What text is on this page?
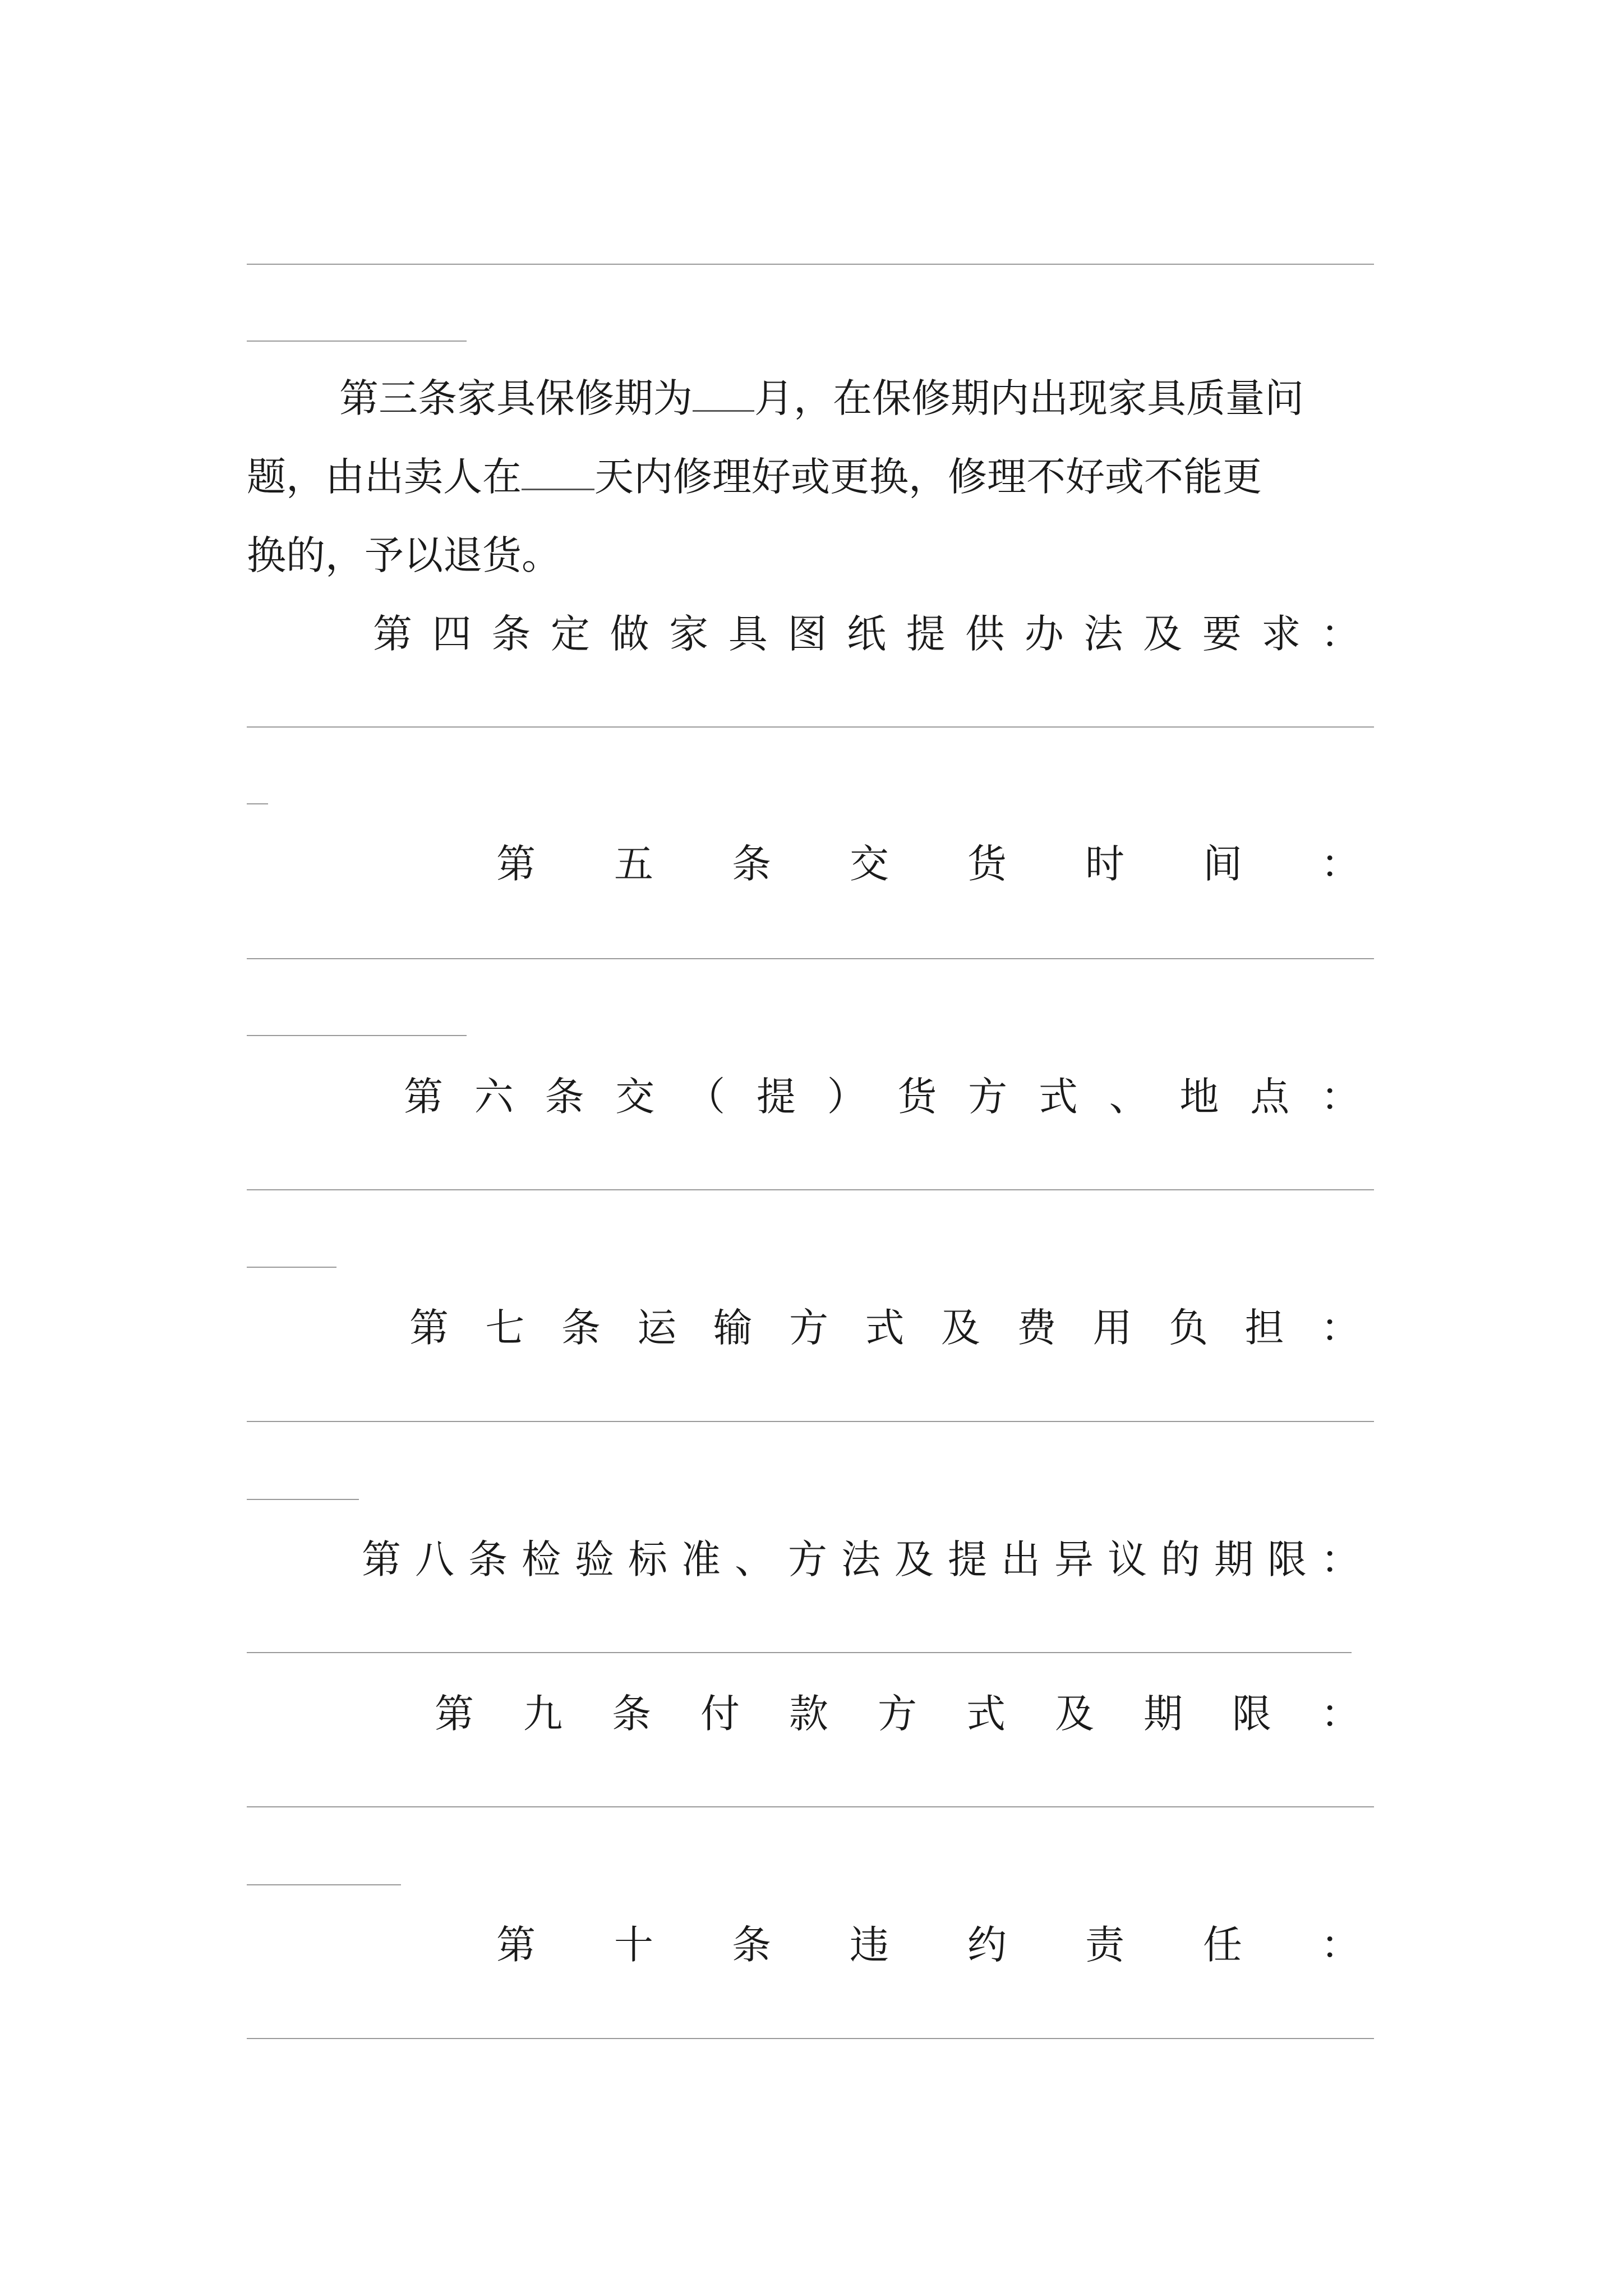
第三条家具保修期为 月，在保修期内出现家具质量问
题，由出卖人在 天内修理好或更换，修理不好或不能更
换的，予以退货。
第 四 条 定 做 家 具 图 纸 提 供 办 法 及 要 求 ：
第 五 条 交 货 时 间 ：
第 六 条 交 （ 提 ） 货 方 式 、 地 点 ：
第 七 条 运 输 方 式 及 费 用 负 担 ：
第 八 条 检 验 标 准 、 方 法 及 提 出 异 议 的 期 限 ：
第 九 条 付 款 方 式 及 期 限 ：
第 十 条 违 约 责 任 ：
